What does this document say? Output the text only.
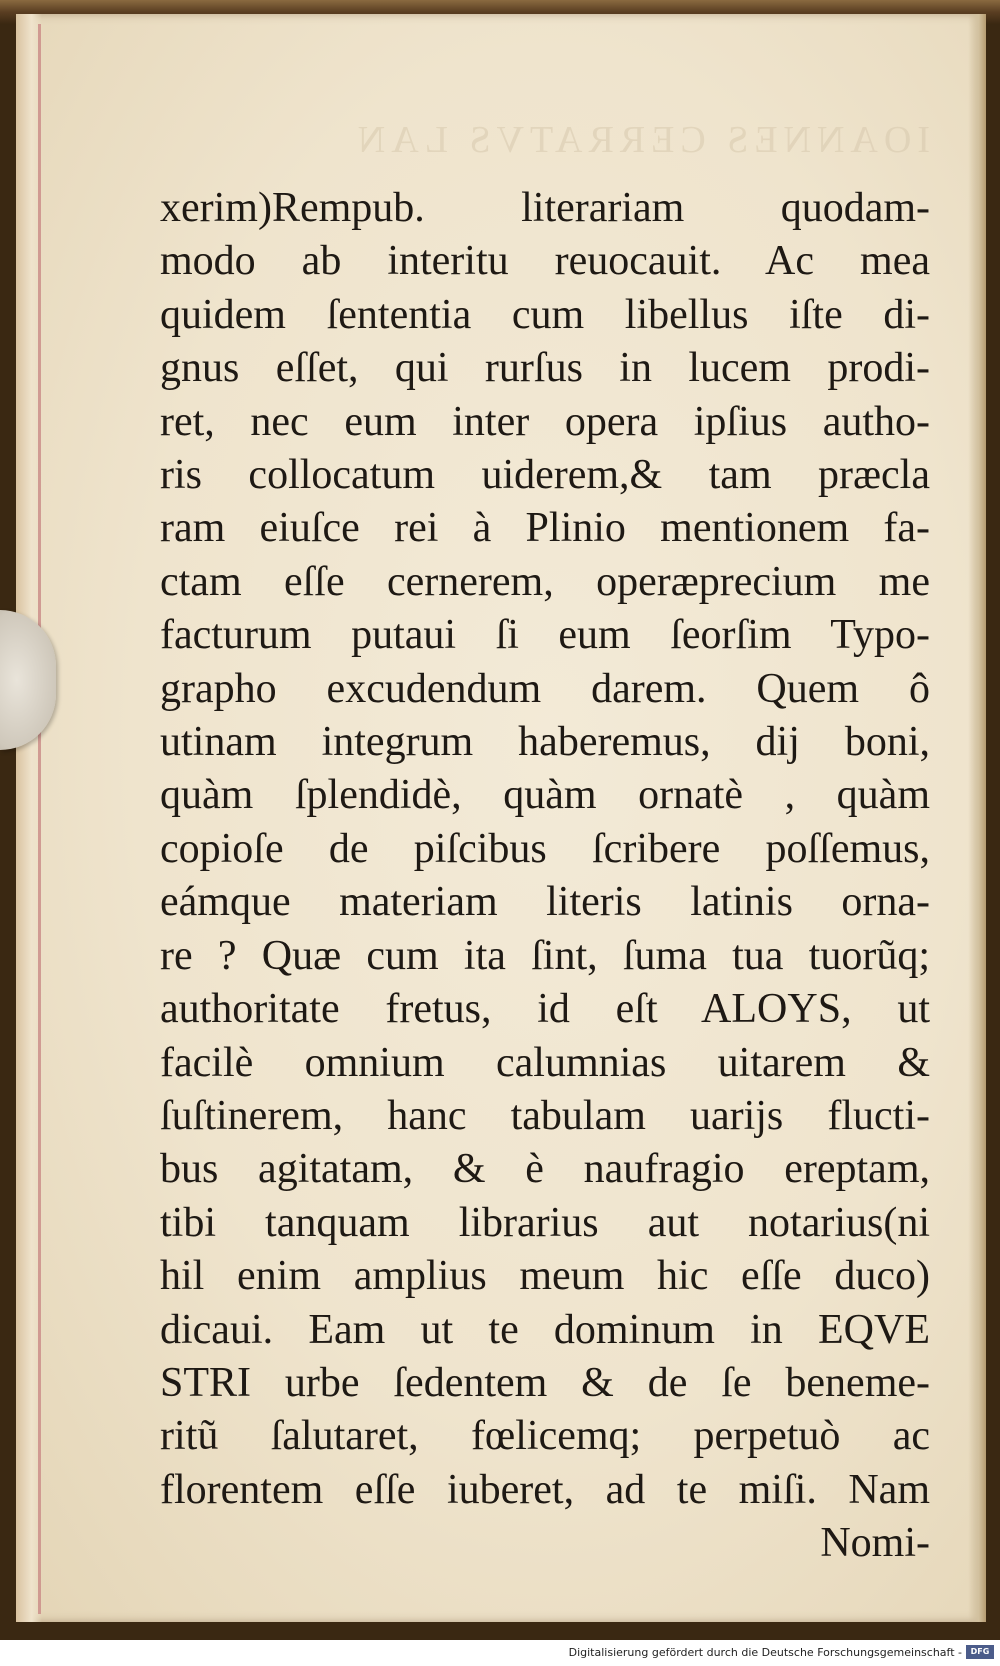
IOANNES CERRATVS LAN
xerim)Rempub. literariam quodam-
modo ab interitu reuocauit. Ac mea
quidem ſententia cum libellus iſte di-
gnus eſſet, qui rurſus in lucem prodi-
ret, nec eum inter opera ipſius autho-
ris collocatum uiderem,& tam præcla
ram eiuſce rei à Plinio mentionem fa-
ctam eſſe cernerem, operæprecium me
facturum putaui ſi eum ſeorſim Typo-
grapho excudendum darem. Quem ô
utinam integrum haberemus, dij boni,
quàm ſplendidè, quàm ornatè , quàm
copioſe de piſcibus ſcribere poſſemus,
eámque materiam literis latinis orna-
re ? Quæ cum ita ſint, ſuma tua tuorũq;
authoritate fretus, id eſt ALOYS, ut
facilè omnium calumnias uitarem &
ſuſtinerem, hanc tabulam uarijs flucti-
bus agitatam, & è naufragio ereptam,
tibi tanquam librarius aut notarius(ni
hil enim amplius meum hic eſſe duco)
dicaui. Eam ut te dominum in EQVE
STRI urbe ſedentem & de ſe beneme-
ritũ ſalutaret, fœlicemq; perpetuò ac
florentem eſſe iuberet, ad te miſi. Nam
Nomi-
Digitalisierung gefördert durch die Deutsche Forschungsgemeinschaft -	DFG
